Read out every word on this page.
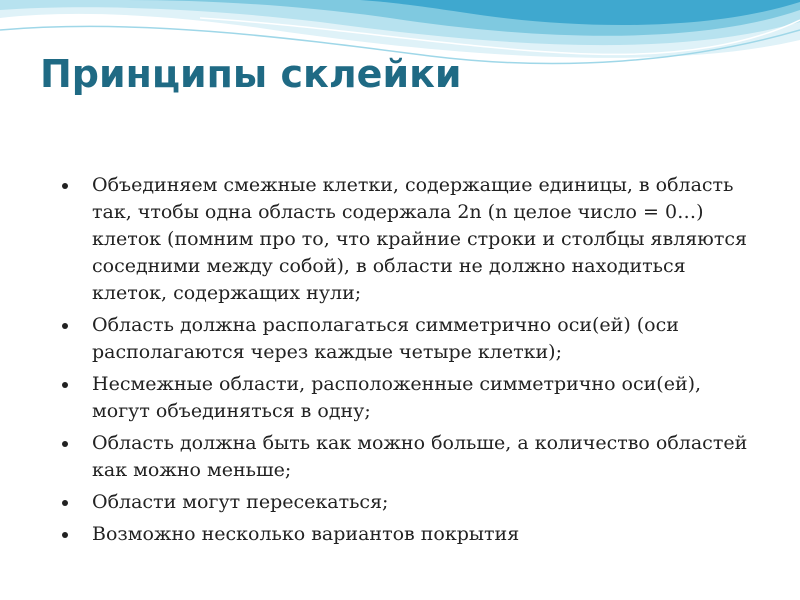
Принципы склейки
Объединяем смежные клетки, содержащие единицы, в область так, чтобы одна область содержала 2n (n целое число = 0…) клеток (помним про то, что крайние строки и столбцы являются соседними между собой), в области не должно находиться клеток, содержащих нули;
Область должна располагаться симметрично оси(ей) (оси располагаются через каждые четыре клетки);
Несмежные области, расположенные симметрично оси(ей), могут объединяться в одну;
Область должна быть как можно больше, а количество областей как можно меньше;
Области могут пересекаться;
Возможно несколько вариантов покрытия
